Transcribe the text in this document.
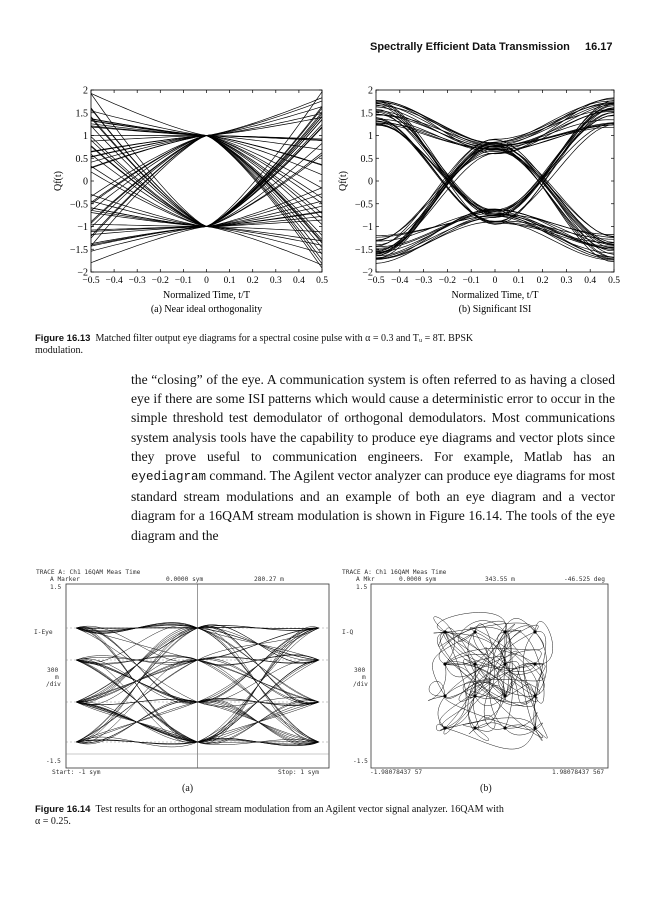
Spectrally Efficient Data Transmission 16.17
2
1.5
1
0.5
0
−0.5
−1
−1.5
−2
−0.5 −0.4 −0.3 −0.2 −0.1 0 0.1 0.2 0.3 0.4 0.5
Normalized Time, t/T
(a) Near ideal orthogonality
Qf(t)
2
1.5
1
0.5
0
−0.5
−1
−1.5
−2
−0.5 −0.4 −0.3 −0.2 −0.1 0 0.1 0.2 0.3 0.4 0.5
Normalized Time, t/T
(b) Significant ISI
Qf(t)
Figure 16.13 Matched filter output eye diagrams for a spectral cosine pulse with α = 0.3 and Tᵤ = 8T. BPSK
modulation.

the “closing” of the eye. A communication system is often referred to as having a closed eye if there are some ISI patterns which would cause a deterministic error to occur in the simple threshold test demodulator of orthogonal demodulators. Most communications system analysis tools have the capability to produce eye diagrams and vector plots since they prove useful to communication engineers. For example, Matlab has an eyediagram command. The Agilent vector analyzer can produce eye diagrams for most standard stream modulations and an example of both an eye diagram and a vector diagram for a 16QAM stream modulation is shown in Figure 16.14. The tools of the eye diagram and the

TRACE A: Ch1 16QAM Meas Time
A Marker	0.0000 sym	280.27 m
1.5
I-Eye
300
m
/div
-1.5
Start: -1 sym	Stop: 1 sym
TRACE A: Ch1 16QAM Meas Time
A Mkr	0.0000 sym	343.55 m	-46.525 deg
1.5
I-Q
300
m
/div
-1.5
-1.98078437 57	1.98078437 567
(a)	(b)
Figure 16.14 Test results for an orthogonal stream modulation from an Agilent vector signal analyzer. 16QAM with
α = 0.25.
